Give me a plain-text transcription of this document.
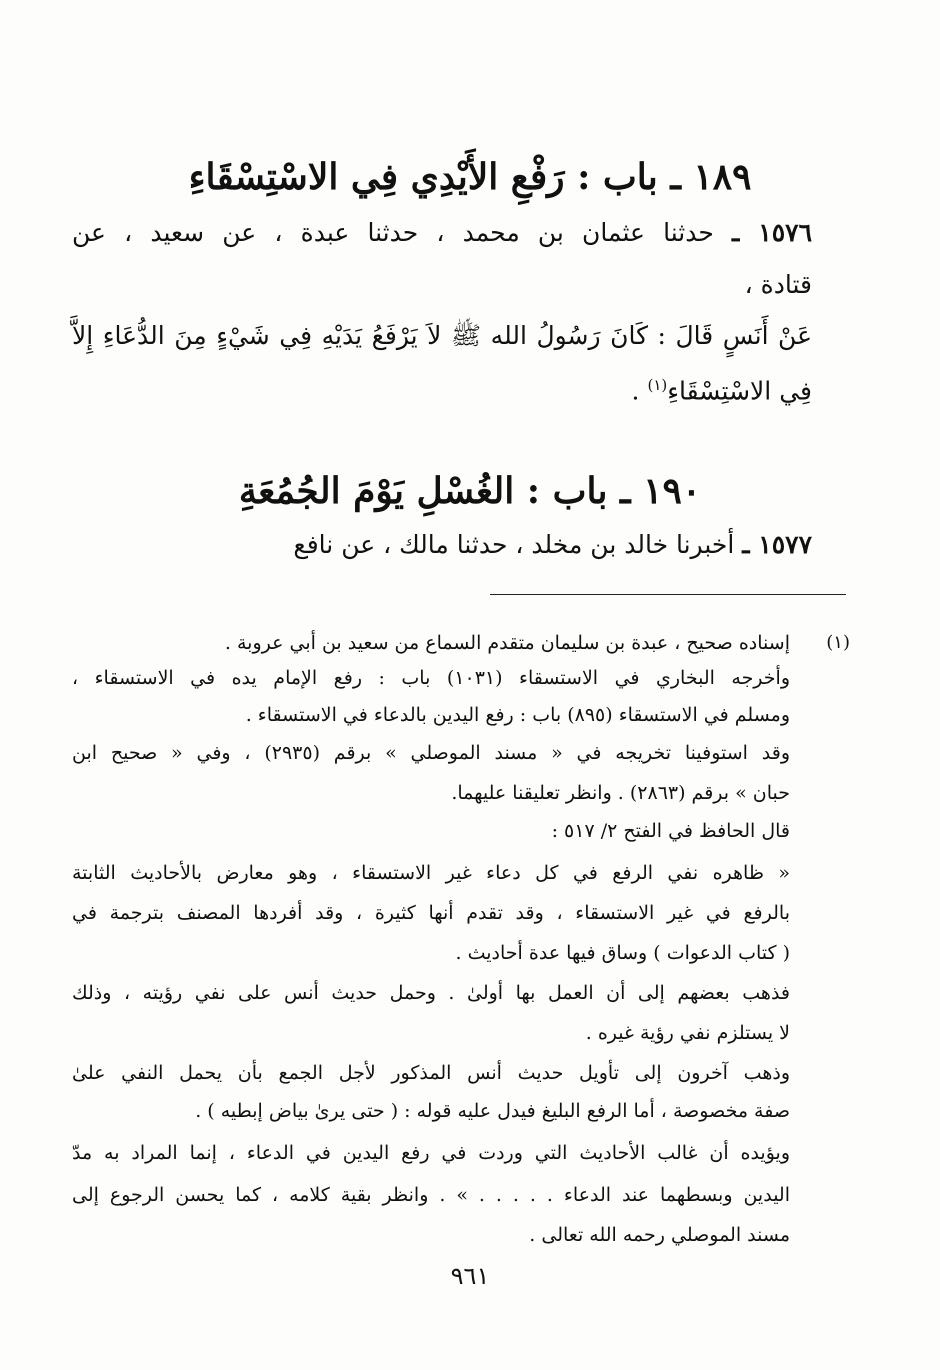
١٨٩ ـ باب : رَفْعِ الأَيْدِي فِي الاسْتِسْقَاءِ
١٥٧٦ ـ حدثنا عثمان بن محمد ، حدثنا عبدة ، عن سعيد ، عن
قتادة ،
عَنْ أَنَسٍ قَالَ : كَانَ رَسُولُ الله ﷺ لاَ يَرْفَعُ يَدَيْهِ فِي شَيْءٍ مِنَ الدُّعَاءِ إِلاَّ
فِي الاسْتِسْقَاءِ$^{(١)}$ .
١٩٠ ـ باب : الغُسْلِ يَوْمَ الجُمُعَةِ
١٥٧٧ ـ أخبرنا خالد بن مخلد ، حدثنا مالك ، عن نافع
(١)
إسناده صحيح ، عبدة بن سليمان متقدم السماع من سعيد بن أبي عروبة .
وأخرجه البخاري في الاستسقاء (١٠٣١) باب : رفع الإمام يده في الاستسقاء ،
ومسلم في الاستسقاء (٨٩٥) باب : رفع اليدين بالدعاء في الاستسقاء .
وقد استوفينا تخريجه في « مسند الموصلي » برقم (٢٩٣٥) ، وفي « صحيح ابن
حبان » برقم (٢٨٦٣) . وانظر تعليقنا عليهما.
قال الحافظ في الفتح ٢/ ٥١٧ :
« ظاهره نفي الرفع في كل دعاء غير الاستسقاء ، وهو معارض بالأحاديث الثابتة
بالرفع في غير الاستسقاء ، وقد تقدم أنها كثيرة ، وقد أفردها المصنف بترجمة في
( كتاب الدعوات ) وساق فيها عدة أحاديث .
فذهب بعضهم إلى أن العمل بها أولىٰ . وحمل حديث أنس على نفي رؤيته ، وذلك
لا يستلزم نفي رؤية غيره .
وذهب آخرون إلى تأويل حديث أنس المذكور لأجل الجمع بأن يحمل النفي علىٰ
صفة مخصوصة ، أما الرفع البليغ فيدل عليه قوله : ( حتى يرىٰ بياض إبطيه ) .
ويؤيده أن غالب الأحاديث التي وردت في رفع اليدين في الدعاء ، إنما المراد به مدّ
اليدين وبسطهما عند الدعاء . . . . . » . وانظر بقية كلامه ، كما يحسن الرجوع إلى
مسند الموصلي رحمه الله تعالى .
٩٦١
